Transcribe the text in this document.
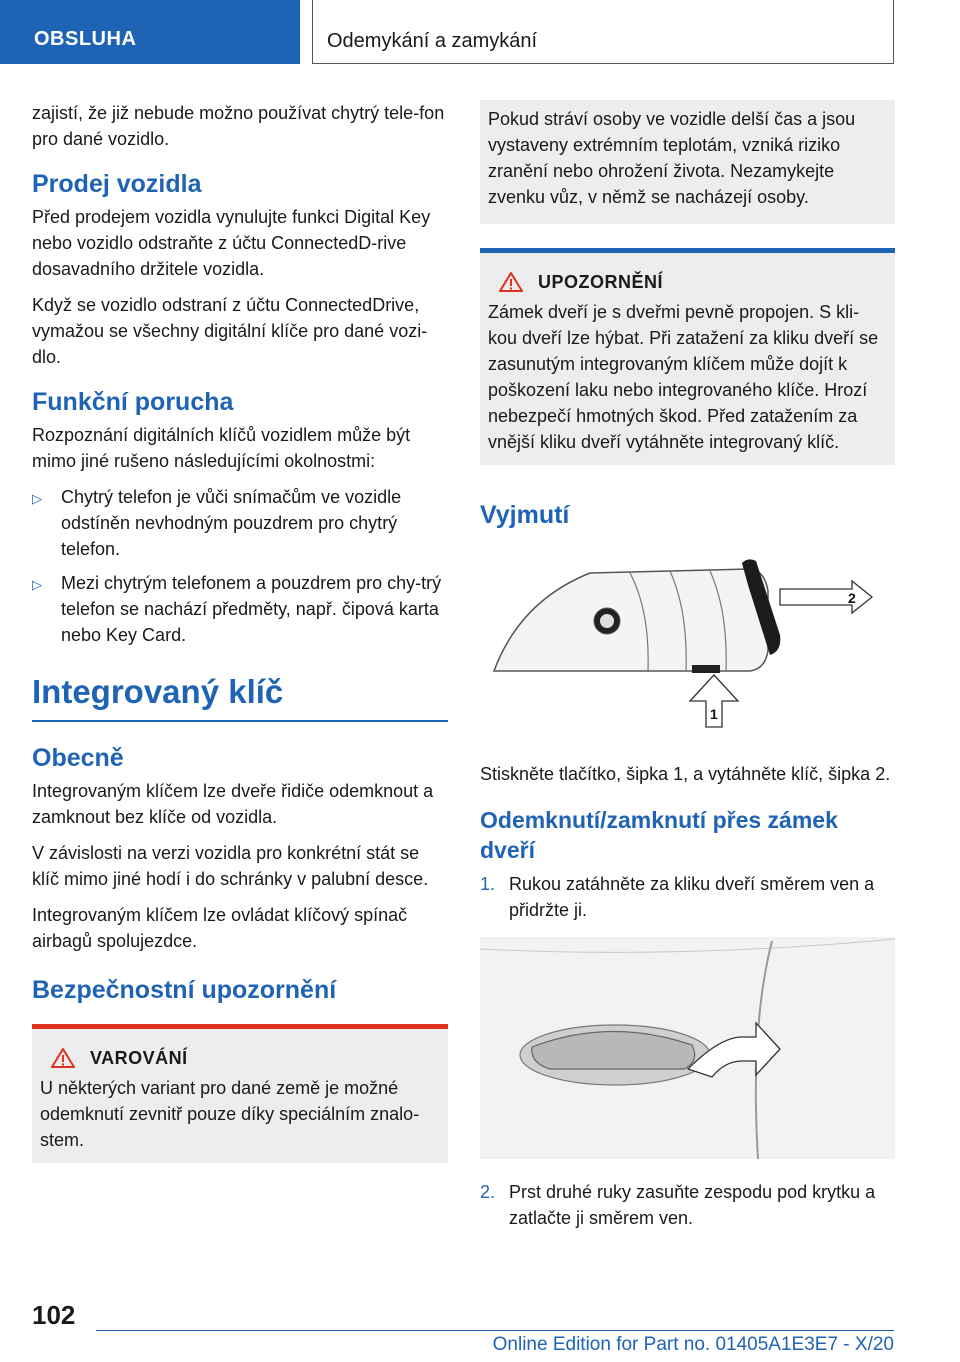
OBSLUHA	Odemykání a zamykání

zajistí, že již nebude možno používat chytrý tele-fon pro dané vozidlo.

Prodej vozidla

Před prodejem vozidla vynulujte funkci Digital Key nebo vozidlo odstraňte z účtu ConnectedD-rive dosavadního držitele vozidla.

Když se vozidlo odstraní z účtu ConnectedDrive, vymažou se všechny digitální klíče pro dané vozi-dlo.

Funkční porucha

Rozpoznání digitálních klíčů vozidlem může být mimo jiné rušeno následujícími okolnostmi:

▷ Chytrý telefon je vůči snímačům ve vozidle odstíněn nevhodným pouzdrem pro chytrý telefon.
▷ Mezi chytrým telefonem a pouzdrem pro chy-trý telefon se nachází předměty, např. čipová karta nebo Key Card.
Integrovaný klíč
Obecně

Integrovaným klíčem lze dveře řidiče odemknout a zamknout bez klíče od vozidla.

V závislosti na verzi vozidla pro konkrétní stát se klíč mimo jiné hodí i do schránky v palubní desce.

Integrovaným klíčem lze ovládat klíčový spínač airbagů spolujezdce.

Bezpečnostní upozornění
VAROVÁNÍ

U některých variant pro dané země je možné odemknutí zevnitř pouze díky speciálním znalo-stem.

Pokud stráví osoby ve vozidle delší čas a jsou vystaveny extrémním teplotám, vzniká riziko zranění nebo ohrožení života. Nezamykejte zvenku vůz, v němž se nacházejí osoby.

UPOZORNĚNÍ

Zámek dveří je s dveřmi pevně propojen. S kli-kou dveří lze hýbat. Při zatažení za kliku dveří se zasunutým integrovaným klíčem může dojít k poškození laku nebo integrovaného klíče. Hrozí nebezpečí hmotných škod. Před zatažením za vnější kliku dveří vytáhněte integrovaný klíč.

Vyjmutí
2
1

Stiskněte tlačítko, šipka 1, a vytáhněte klíč, šipka 2.

Odemknutí/zamknutí přes zámek dveří
1. Rukou zatáhněte za kliku dveří směrem ven a přidržte ji.
2. Prst druhé ruky zasuňte zespodu pod krytku a zatlačte ji směrem ven.
102
Online Edition for Part no. 01405A1E3E7 - X/20
